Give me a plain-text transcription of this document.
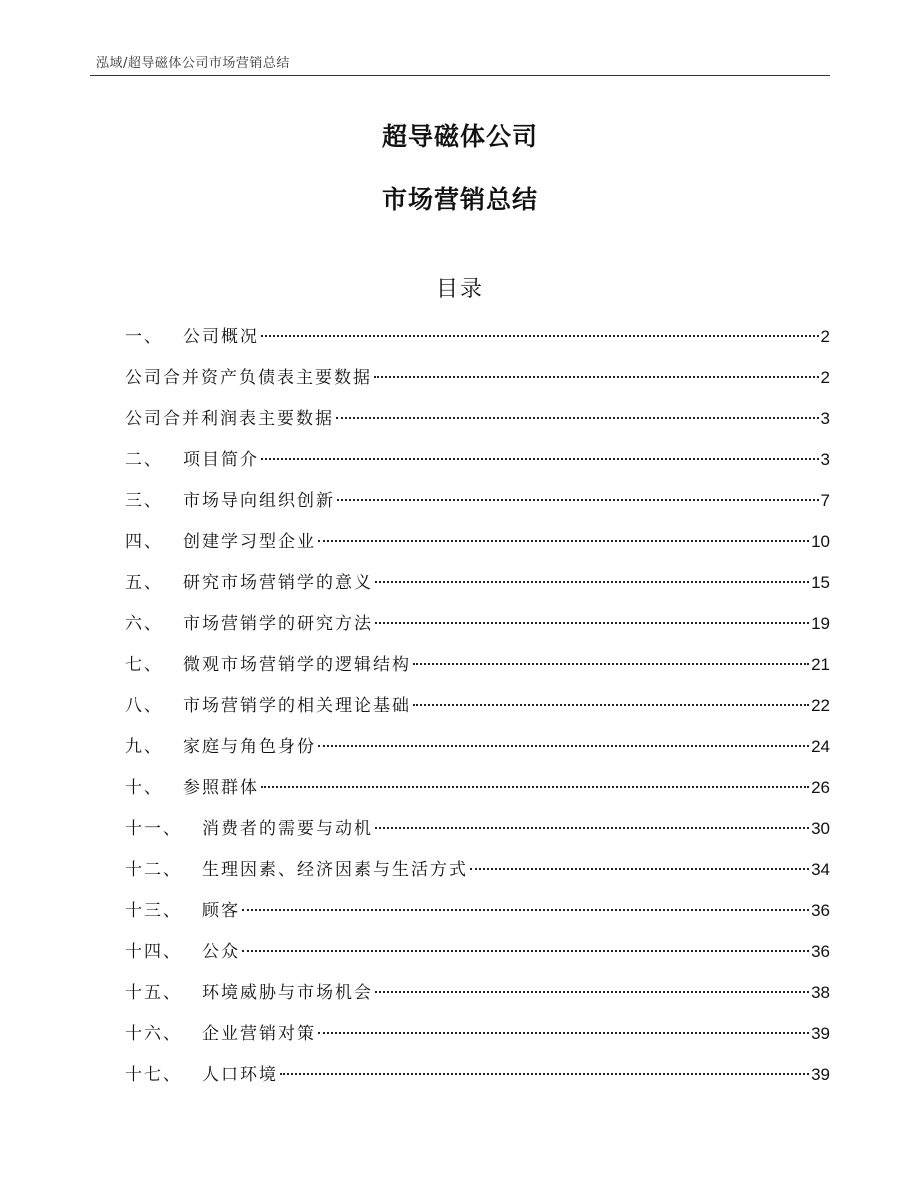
泓域/超导磁体公司市场营销总结
超导磁体公司
市场营销总结
目录
一、 公司概况	2
公司合并资产负债表主要数据	2
公司合并利润表主要数据	3
二、 项目简介	3
三、 市场导向组织创新	7
四、 创建学习型企业	10
五、 研究市场营销学的意义	15
六、 市场营销学的研究方法	19
七、 微观市场营销学的逻辑结构	21
八、 市场营销学的相关理论基础	22
九、 家庭与角色身份	24
十、 参照群体	26
十一、 消费者的需要与动机	30
十二、 生理因素、经济因素与生活方式	34
十三、 顾客	36
十四、 公众	36
十五、 环境威胁与市场机会	38
十六、 企业营销对策	39
十七、 人口环境	39
